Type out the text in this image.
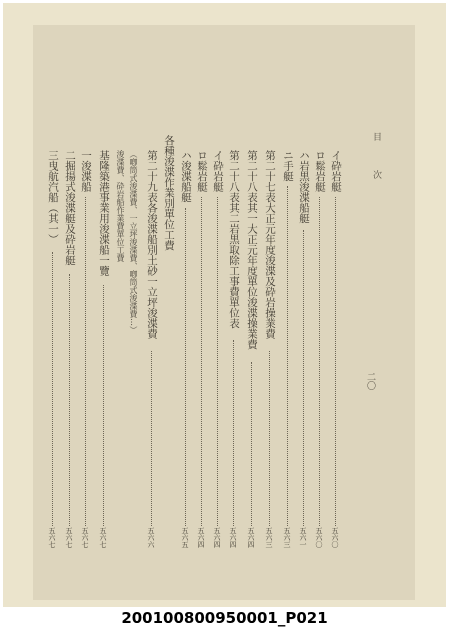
目
次
イ砕岩艇
五六〇
ロ鬆岩艇
五六〇
ハ岩黒浚渫船艇
五六一
ニ手艇
五六三
第二十七表大正元年度浚渫及砕岩操業費
五六三
第二十八表其一大正元年度單位浚渫操業費
五六四
第二十八表其二岩黒取除工事費單位表
五六四
イ砕岩艇
五六四
ロ鬆岩艇
五六四
ハ浚渫船艇
五六五
各種浚渫作業別單位工費
第二十九表各浚渫船別土砂一立坪浚渫費
五六六
（喞筒式浚渫費、一立坪浚渫費、喞筒式浚渫費…）
浚渫費、砕岩船作業費單位工費
基隆築港事業用浚渫船一覽
五六七
一浚渫船
五六七
二掘揚式浚渫艇及砕岩艇
五六七
三曳航汽船（其一）
五六七
二〇
200100800950001_P021
